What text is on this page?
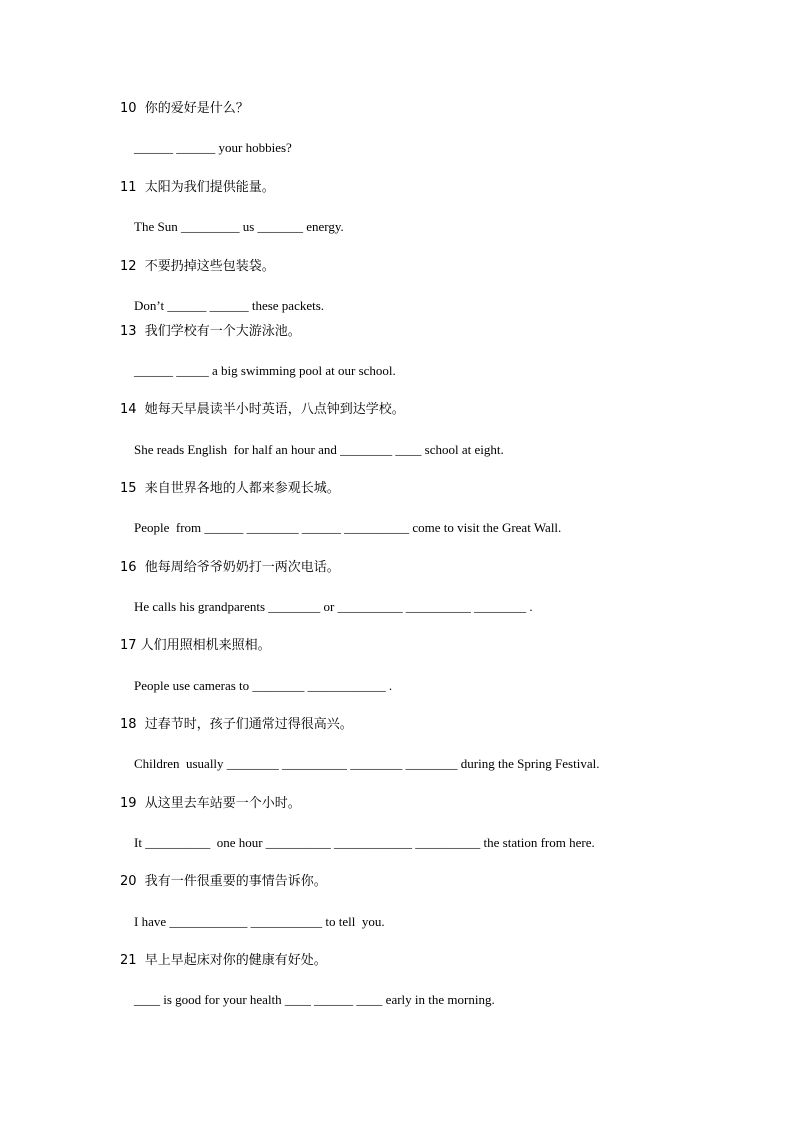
10  你的爱好是什么？
______ ______ your hobbies?
11  太阳为我们提供能量。
The Sun _________ us _______ energy.
12  不要扔掉这些包装袋。
Don’t ______ ______ these packets.
13  我们学校有一个大游泳池。
______ _____ a big swimming pool at our school.
14  她每天早晨读半小时英语，八点钟到达学校。
She reads English  for half an hour and ________ ____ school at eight.
15  来自世界各地的人都来参观长城。
People  from ______ ________ ______ __________ come to visit the Great Wall.
16  他每周给爷爷奶奶打一两次电话。
He calls his grandparents ________ or __________ __________ ________ .
17 人们用照相机来照相。
People use cameras to ________ ____________ .
18  过春节时，孩子们通常过得很高兴。
Children  usually ________ __________ ________ ________ during the Spring Festival.
19  从这里去车站要一个小时。
It __________  one hour __________ ____________ __________ the station from here.
20  我有一件很重要的事情告诉你。
I have ____________ ___________ to tell  you.
21  早上早起床对你的健康有好处。
____ is good for your health ____ ______ ____ early in the morning.
